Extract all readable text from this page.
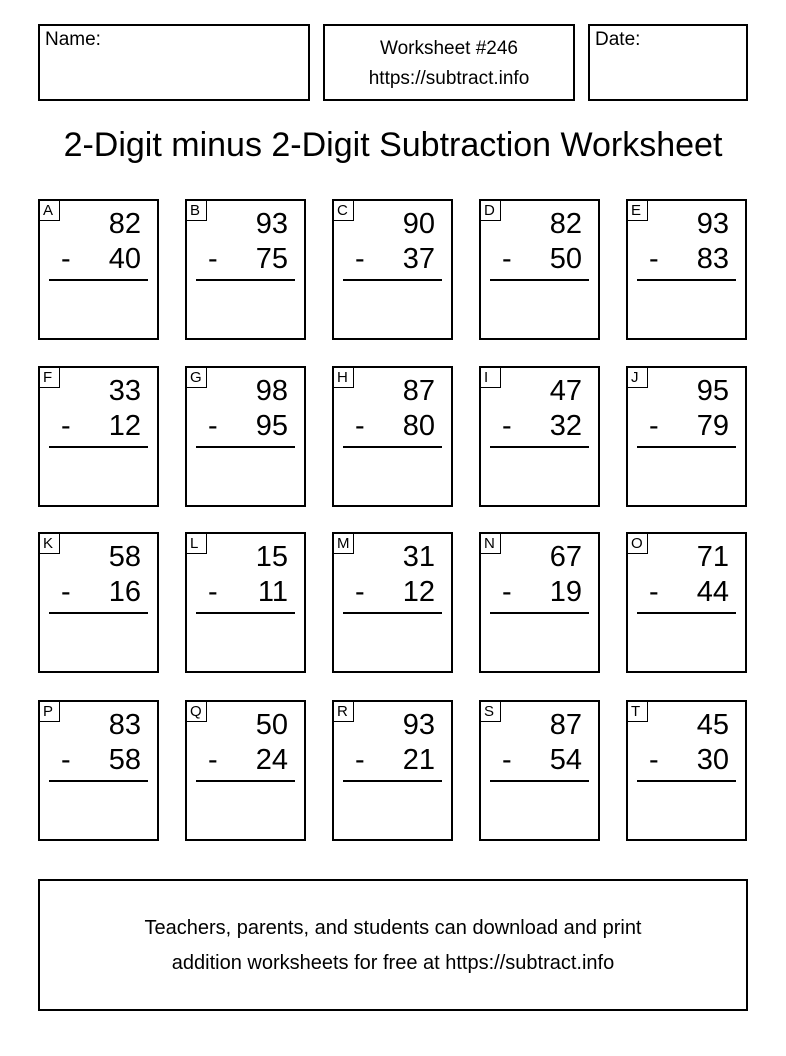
Name:	Worksheet #246
https://subtract.info
Date:
2-Digit minus 2-Digit Subtraction Worksheet
A 82
- 40
B 93
- 75
C 90
- 37
D 82
- 50
E 93
- 83
F 33
- 12
G 98
- 95
H 87
- 80
I	47
- 32
J	95
- 79
K 58
- 16
L 15
- 11
M 31
- 12
N 67
- 19
O 71
- 44
P 83
- 58
Q 50
- 24
R 93
- 21
S 87
- 54
T 45
- 30
Teachers, parents, and students can download and print
addition worksheets for free at https://subtract.info
